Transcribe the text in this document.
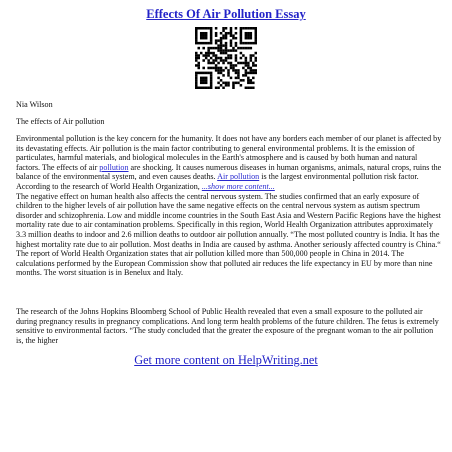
Effects Of Air Pollution Essay
Nia Wilson
The effects of Air pollution
Environmental pollution is the key concern for the humanity. It does not have any borders each member of our planet is affected by its devastating effects. Air pollution is the main factor contributing to general environmental problems. It is the emission of particulates, harmful materials, and biological molecules in the Earth's atmosphere and is caused by both human and natural factors. The effects of air pollution are shocking. It causes numerous diseases in human organisms, animals, natural crops, ruins the balance of the environmental system, and even causes deaths. Air pollution is the largest environmental pollution risk factor. According to the research of World Health Organization, ...show more content...
The negative effect on human health also affects the central nervous system. The studies confirmed that an early exposure of children to the higher levels of air pollution have the same negative effects on the central nervous system as autism spectrum disorder and schizophrenia. Low and middle income countries in the South East Asia and Western Pacific Regions have the highest mortality rate due to air contamination problems. Specifically in this region, World Health Organization attributes approximately 3.3 million deaths to indoor and 2.6 million deaths to outdoor air pollution annually. “The most polluted country is India. It has the highest mortality rate due to air pollution. Most deaths in India are caused by asthma. Another seriously affected country is China.“ The report of World Health Organization states that air pollution killed more than 500,000 people in China in 2014. The calculations performed by the European Commission show that polluted air reduces the life expectancy in EU by more than nine months. The worst situation is in Benelux and Italy.
The research of the Johns Hopkins Bloomberg School of Public Health revealed that even a small exposure to the polluted air during pregnancy results in pregnancy complications. And long term health problems of the future children. The fetus is extremely sensitive to environmental factors. “The study concluded that the greater the exposure of the pregnant woman to the air pollution is, the higher
Get more content on HelpWriting.net
